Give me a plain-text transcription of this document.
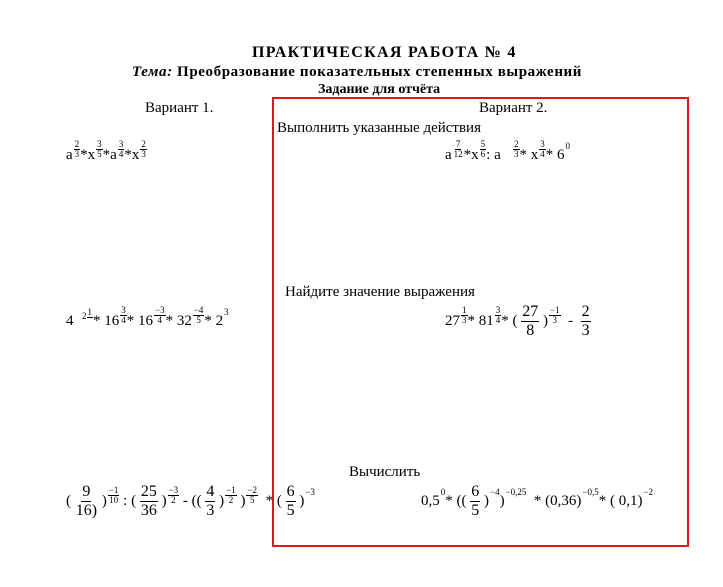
ПРАКТИЧЕСКАЯ РАБОТА № 4
Тема: Преобразование показательных степенных выражений
Задание для отчёта
Вариант 1.	Вариант 2.
Выполнить указанные действия
Найдите значение выражения
Вычислить
a $\frac{2}{3} *x \frac{3}{5} *a \frac{3}{4} *x \frac{2}{3}$	a $\frac{7}{12} *x \frac{5}{6}$ : a $\frac{2}{3}$ * x $\frac{3}{4} * 6^0$
4  $^2$ 1

* $16 \frac{3}{4} * 16 \frac{-3}{4} * 32 \frac{-4}{5} * 2^3$
$27 \frac{1}{3} * 81 \frac{3}{4}$ * ( $\frac{27}{8}$ ) $\frac{-1}{3} - \frac{2}{3}$
( $\frac{9}{16)}$ ) $\frac{-1}{10}$ : ( $\frac{25}{36}$ ) $\frac{-3}{2}$ - (( $\frac{4}{3}$ ) $\frac{-1}{2}$ ) $\frac{-2}{5}$ * ( $\frac{6}{5} )^{-3}$
$0,5^0*$ (( $\frac{6}{5} )^{-4})^{-0,25} * (0,36)^{-0,5}*$ ( 0,1)$^{-2}$
